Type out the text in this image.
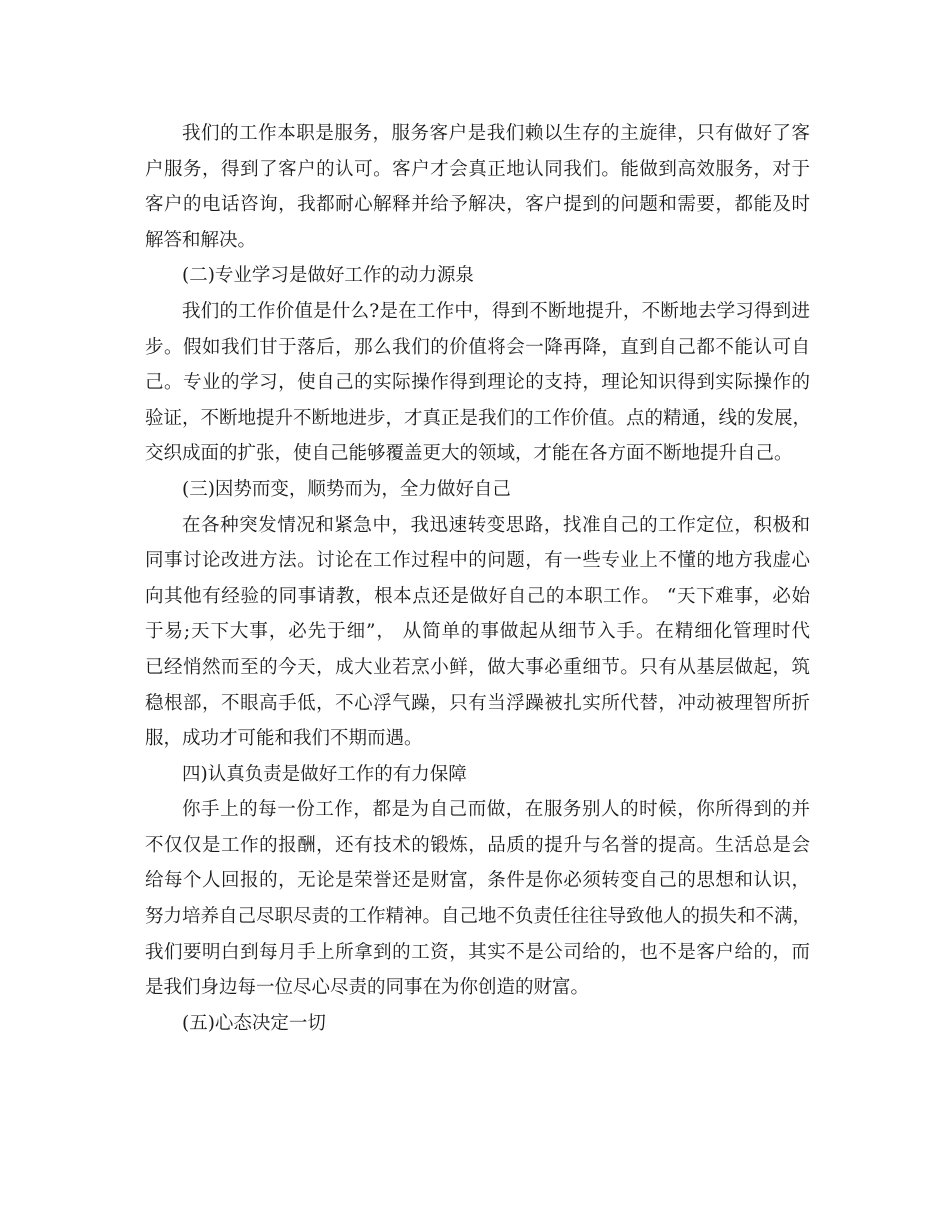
我们的工作本职是服务，服务客户是我们赖以生存的主旋律，只有做好了客
户服务，得到了客户的认可。客户才会真正地认同我们。能做到高效服务，对于
客户的电话咨询，我都耐心解释并给予解决，客户提到的问题和需要，都能及时
解答和解决。
(二)专业学习是做好工作的动力源泉
我们的工作价值是什么?是在工作中，得到不断地提升，不断地去学习得到进
步。假如我们甘于落后，那么我们的价值将会一降再降，直到自己都不能认可自
己。专业的学习，使自己的实际操作得到理论的支持，理论知识得到实际操作的
验证，不断地提升不断地进步，才真正是我们的工作价值。点的精通，线的发展，
交织成面的扩张，使自己能够覆盖更大的领域，才能在各方面不断地提升自己。
(三)因势而变，顺势而为，全力做好自己
在各种突发情况和紧急中，我迅速转变思路，找准自己的工作定位，积极和
同事讨论改进方法。讨论在工作过程中的问题，有一些专业上不懂的地方我虚心
向其他有经验的同事请教，根本点还是做好自己的本职工作。 “天下难事，必始
于易;天下大事，必先于细”， 从简单的事做起从细节入手。在精细化管理时代
已经悄然而至的今天，成大业若烹小鲜，做大事必重细节。只有从基层做起，筑
稳根部，不眼高手低，不心浮气躁，只有当浮躁被扎实所代替，冲动被理智所折
服，成功才可能和我们不期而遇。
四)认真负责是做好工作的有力保障
你手上的每一份工作，都是为自己而做，在服务别人的时候，你所得到的并
不仅仅是工作的报酬，还有技术的锻炼，品质的提升与名誉的提高。生活总是会
给每个人回报的，无论是荣誉还是财富，条件是你必须转变自己的思想和认识，
努力培养自己尽职尽责的工作精神。自己地不负责任往往导致他人的损失和不满，
我们要明白到每月手上所拿到的工资，其实不是公司给的，也不是客户给的，而
是我们身边每一位尽心尽责的同事在为你创造的财富。
(五)心态决定一切
